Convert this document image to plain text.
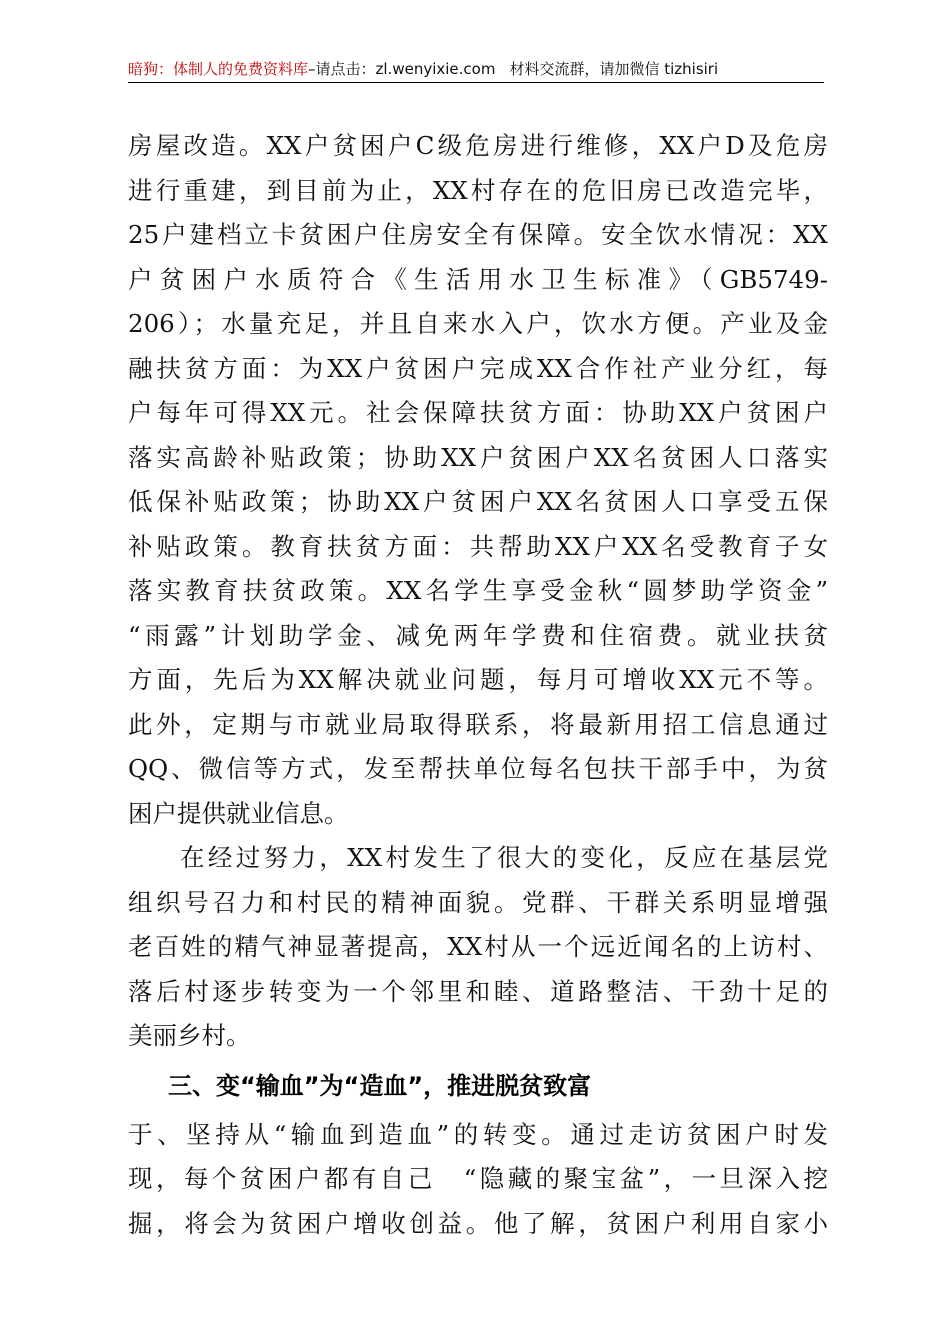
暗狗：体制人的免费资料库–请点击：zl.wenyixie.com 材料交流群，请加微信 tizhisiri
房屋改造。XX户贫困户C级危房进行维修，XX户D及危房
进行重建，到目前为止，XX村存在的危旧房已改造完毕，
25户建档立卡贫困户住房安全有保障。安全饮水情况：XX
户贫困户水质符合《生活用水卫生标准》（GB5749-
206）；水量充足，并且自来水入户，饮水方便。产业及金
融扶贫方面：为XX户贫困户完成XX合作社产业分红，每
户每年可得XX元。社会保障扶贫方面：协助XX户贫困户
落实高龄补贴政策；协助XX户贫困户XX名贫困人口落实
低保补贴政策；协助XX户贫困户XX名贫困人口享受五保
补贴政策。教育扶贫方面：共帮助XX户XX名受教育子女
落实教育扶贫政策。XX名学生享受金秋“圆梦助学资金”
“雨露”计划助学金、减免两年学费和住宿费。就业扶贫
方面，先后为XX解决就业问题，每月可增收XX元不等。
此外，定期与市就业局取得联系，将最新用招工信息通过
QQ、微信等方式，发至帮扶单位每名包扶干部手中，为贫
困户提供就业信息。
在经过努力，XX村发生了很大的变化，反应在基层党
组织号召力和村民的精神面貌。党群、干群关系明显增强
老百姓的精气神显著提高，XX村从一个远近闻名的上访村、
落后村逐步转变为一个邻里和睦、道路整洁、干劲十足的
美丽乡村。
三、变“输血”为“造血”，推进脱贫致富
于、坚持从“输血到造血”的转变。通过走访贫困户时发
现，每个贫困户都有自己　“隐藏的聚宝盆”，一旦深入挖
掘，将会为贫困户增收创益。他了解，贫困户利用自家小
